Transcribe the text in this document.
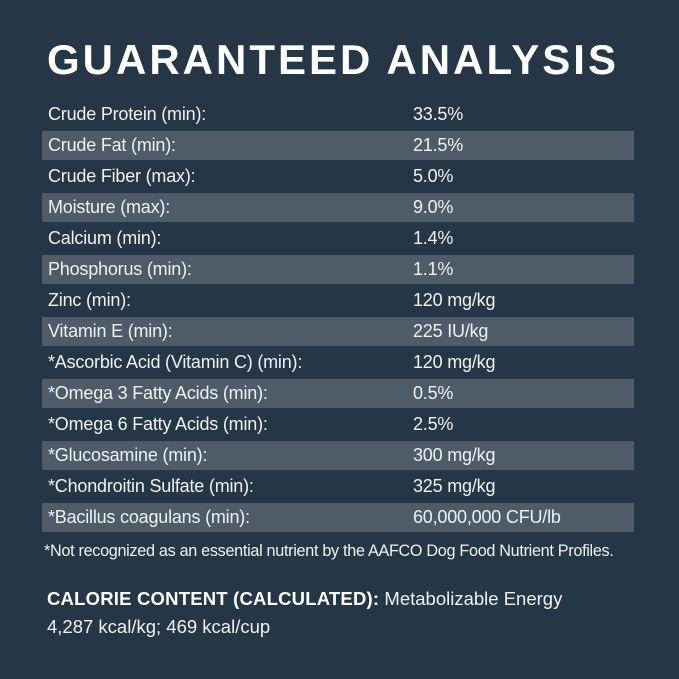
GUARANTEED ANALYSIS
Crude Protein (min):	33.5%
Crude Fat (min):	21.5%
Crude Fiber (max):	5.0%
Moisture (max):	9.0%
Calcium (min):	1.4%
Phosphorus (min):	1.1%
Zinc (min):	120 mg/kg
Vitamin E (min):	225 IU/kg
*Ascorbic Acid (Vitamin C) (min):	120 mg/kg
*Omega 3 Fatty Acids (min):	0.5%
*Omega 6 Fatty Acids (min):	2.5%
*Glucosamine (min):	300 mg/kg
*Chondroitin Sulfate (min):	325 mg/kg
*Bacillus coagulans (min):	60,000,000 CFU/lb

*Not recognized as an essential nutrient by the AAFCO Dog Food Nutrient Profiles.

CALORIE CONTENT (CALCULATED): Metabolizable Energy

4,287 kcal/kg; 469 kcal/cup
